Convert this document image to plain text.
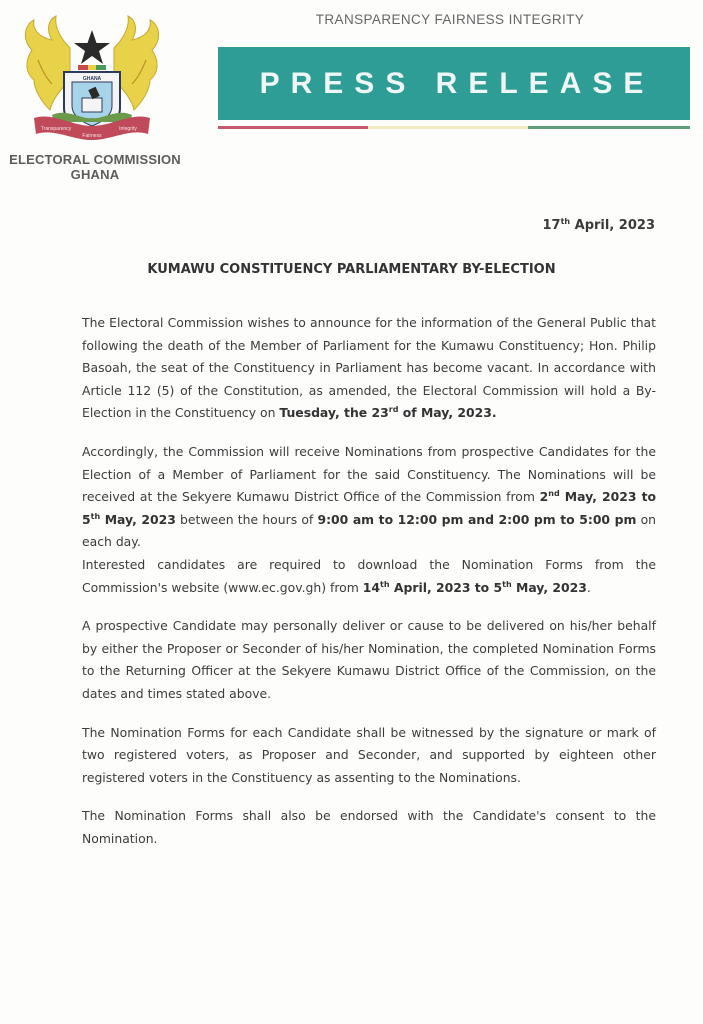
GHANA
Transparency
Fairness
Integrity
ELECTORAL COMMISSION
GHANA
TRANSPARENCY FAIRNESS INTEGRITY
PRESS RELEASE
17th April, 2023
KUMAWU CONSTITUENCY PARLIAMENTARY BY-ELECTION

The Electoral Commission wishes to announce for the information of the General Public that following the death of the Member of Parliament for the Kumawu Constituency; Hon. Philip Basoah, the seat of the Constituency in Parliament has become vacant. In accordance with Article 112 (5) of the Constitution, as amended, the Electoral Commission will hold a By-Election in the Constituency on Tuesday, the 23rd of May, 2023.

Accordingly, the Commission will receive Nominations from prospective Candidates for the Election of a Member of Parliament for the said Constituency. The Nominations will be received at the Sekyere Kumawu District Office of the Commission from 2nd May, 2023 to 5th May, 2023 between the hours of 9:00 am to 12:00 pm and 2:00 pm to 5:00 pm on each day.

Interested candidates are required to download the Nomination Forms from the Commission's website (www.ec.gov.gh) from 14th April, 2023 to 5th May, 2023.

A prospective Candidate may personally deliver or cause to be delivered on his/her behalf by either the Proposer or Seconder of his/her Nomination, the completed Nomination Forms to the Returning Officer at the Sekyere Kumawu District Office of the Commission, on the dates and times stated above.

The Nomination Forms for each Candidate shall be witnessed by the signature or mark of two registered voters, as Proposer and Seconder, and supported by eighteen other registered voters in the Constituency as assenting to the Nominations.

The Nomination Forms shall also be endorsed with the Candidate's consent to the Nomination.
